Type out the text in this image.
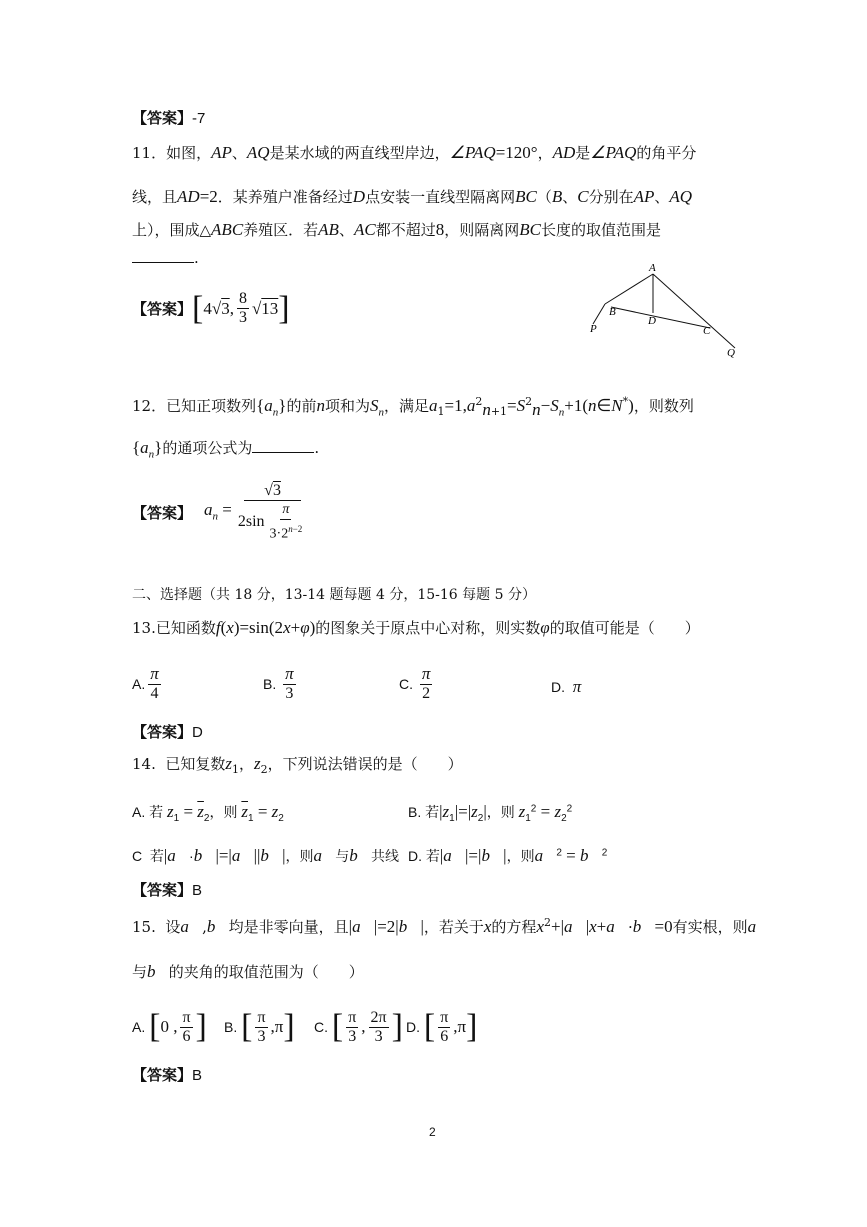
【答案】-7
11．如图，AP、AQ是某水域的两直线型岸边，∠PAQ=120°，AD是∠PAQ的角平分
线，且AD=2．某养殖户准备经过D点安装一直线型隔离网BC（B、C分别在AP、AQ
上），围成△ABC养殖区．若AB、AC都不超过8，则隔离网BC长度的取值范围是
.
【答案】 [ 4√3, $\frac{8}{3} √13$ ]
A
B
D
C
P
Q
12．已知正项数列$\{a_n\}$的前n项和为$S_n$，满足$a_1=1,a^2_{n+1}=S^2_n-S_n+1(n\in N^*)$，则数列
$\{a_n\}$的通项公式为	.
【答案】 $a_n = \frac{√3}{2\sin \frac{\pi}{3\cdot 2^{n-2}}}$
二、选择题（共 18 分，13-14 题每题 4 分，15-16 每题 5 分）
13.已知函数f(x)=sin(2x+φ)的图象关于原点中心对称，则实数φ的取值可能是（　　）
A. $\frac{\pi}{4}$	B. $\frac{\pi}{3}$	C. $\frac{\pi}{2}$	D.  π
【答案】D
14.  已知复数$z_1$，$z_2$，下列说法错误的是（　　）
A. 若 $z_1 = \overline{z}_2$，则 $\overline{z}_1 = z_2$	B. 若$|z_1|=|z_2|$，则 $z_1^2 = z_2^2$
C  若|a⃗·b⃗|=|a⃗||b⃗|，则a⃗与b⃗共线 D. 若|a⃗|=|b⃗|，则a⃗$^2$ = b⃗$^2$
【答案】B
15.  设a⃗,b⃗均是非零向量，且|a⃗|=2|b⃗|，若关于x的方程$x^2+|a⃗|x+a⃗\cdot b⃗=0$有实根，则a⃗
与b⃗的夹角的取值范围为（　　）
A. [ 0 , $\frac{\pi}{6}$ ] B. [ $\frac{\pi}{3} ,\pi$ ] C. [ $\frac{\pi}{3}$ , $\frac{2\pi}{3}$ ] D. [ $\frac{\pi}{6} ,\pi$ ]
【答案】B
2
